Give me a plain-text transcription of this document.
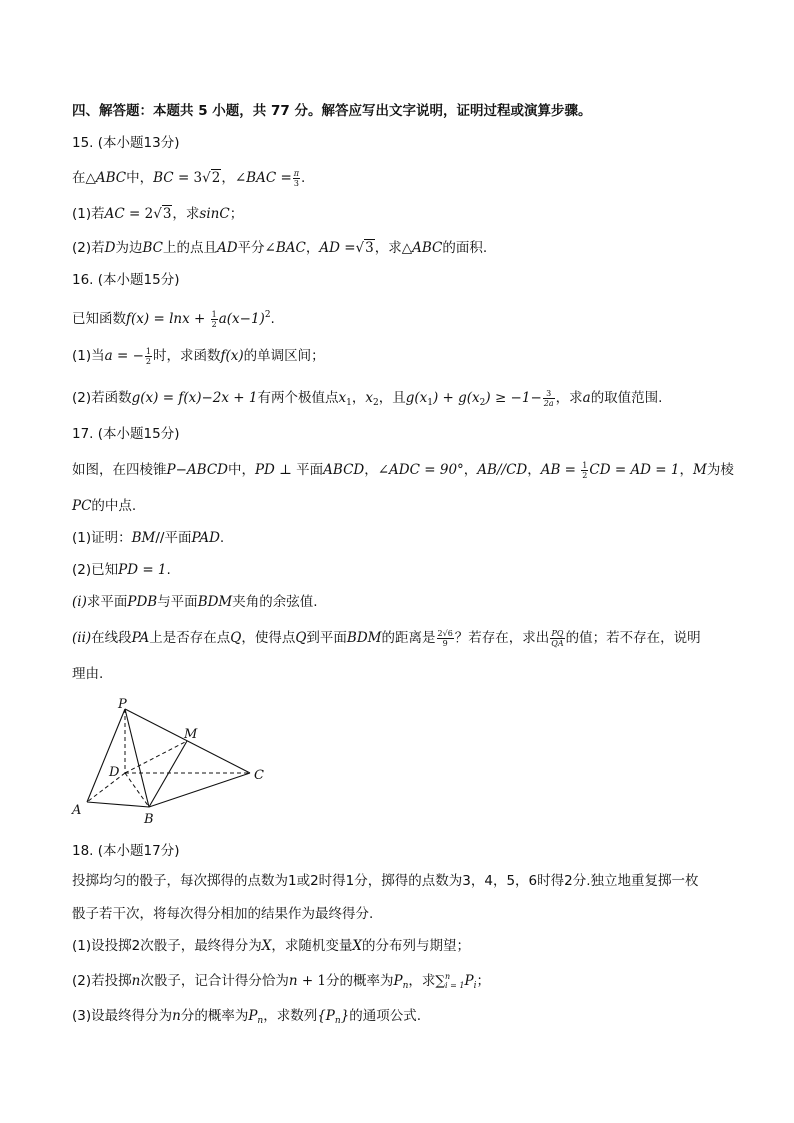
四、解答题：本题共 5 小题，共 77 分。解答应写出文字说明，证明过程或演算步骤。
15. (本小题13分)
在△ABC中，BC = 3√2，∠BAC = $\frac{\pi}{3}$ .
(1)若AC = 2√3，求sinC；
(2)若D为边BC上的点且AD平分∠BAC，AD =√3，求△ABC的面积.
16. (本小题15分)
已知函数$f(x) = \ln x + \frac{1}{2} a(x-1)^2$.
(1)当a = − $\frac{1}{2}$ 时，求函数f(x)的单调区间；
(2)若函数g(x) = f(x)−2x + 1有两个极值点$x_1$，$x_2$，且$g(x_1) + g(x_2) \ge -1- \frac{3}{2a}$ ，求a的取值范围.
17. (本小题15分)
如图，在四棱锥P−ABCD中，PD ⊥ 平面ABCD，∠ADC = 90°，AB//CD，AB = $\frac{1}{2}$ CD = AD = 1，M为棱
PC的中点.
(1)证明：BM//平面PAD.
(2)已知PD = 1.
(i)求平面PDB与平面BDM夹角的余弦值.
(ii)在线段PA上是否存在点Q，使得点Q到平面BDM的距离是 $\frac{2√6}{9}$ ？若存在，求出 $\frac{PQ}{QA}$ 的值；若不存在，说明
理由.
P
M
D	C
A
B
18. (本小题17分)
投掷均匀的骰子，每次掷得的点数为1或2时得1分，掷得的点数为3，4，5，6时得2分.独立地重复掷一枚
骰子若干次，将每次得分相加的结果作为最终得分.
(1)设投掷2次骰子，最终得分为X，求随机变量X的分布列与期望；
(2)若投掷n次骰子，记合计得分恰为n + 1分的概率为$P_n$，求∑ n
i = 1 $P_i$；
(3)设最终得分为n分的概率为$P_n$，求数列$\{P_n\}$的通项公式.
